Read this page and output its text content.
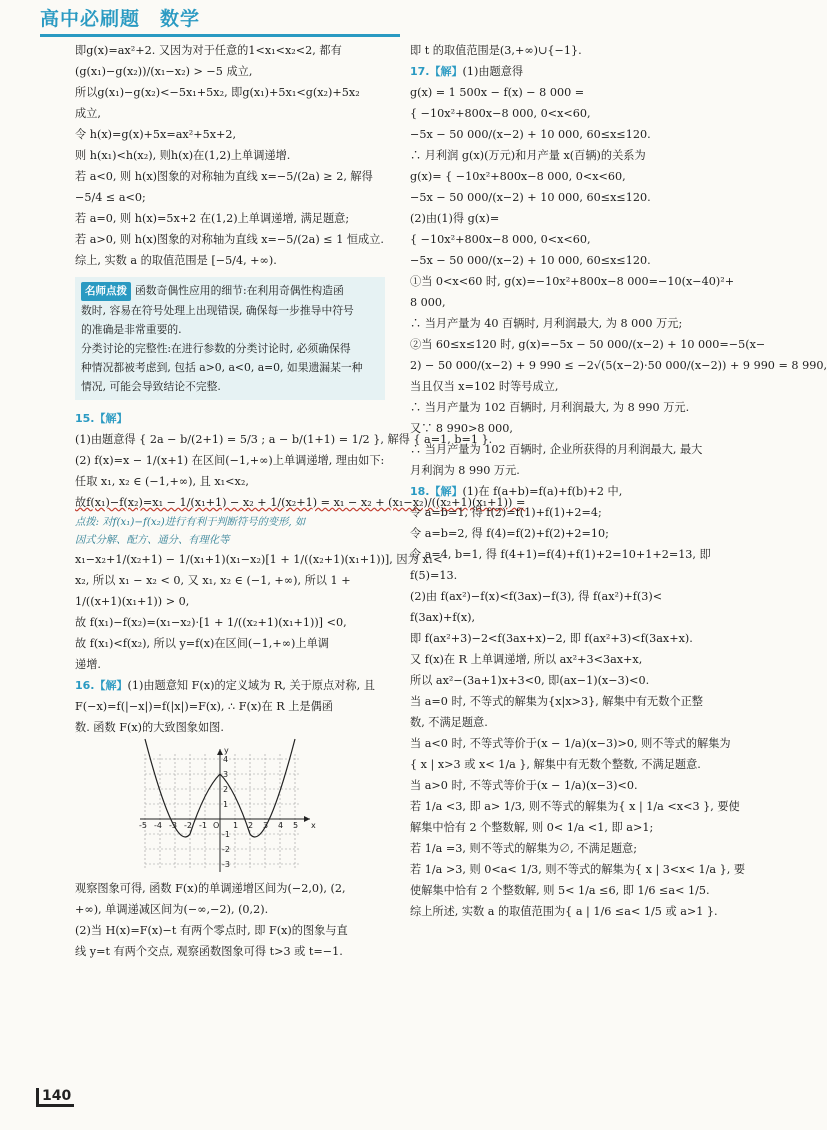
高中必刷题　数学
即g(x)=ax²+2. 又因为对于任意的1<x₁<x₂<2, 都有
(g(x₁)−g(x₂))/(x₁−x₂) > −5 成立,
所以g(x₁)−g(x₂)<−5x₁+5x₂, 即g(x₁)+5x₁<g(x₂)+5x₂
成立,
令 h(x)=g(x)+5x=ax²+5x+2,
则 h(x₁)<h(x₂), 则h(x)在(1,2)上单调递增.
若 a<0, 则 h(x)图象的对称轴为直线 x=−5/(2a) ≥ 2, 解得
−5/4 ≤ a<0;
若 a=0, 则 h(x)=5x+2 在(1,2)上单调递增, 满足题意;
若 a>0, 则 h(x)图象的对称轴为直线 x=−5/(2a) ≤ 1 恒成立.
综上, 实数 a 的取值范围是 [−5/4, +∞).
名师点拨 函数奇偶性应用的细节:在利用奇偶性构造函
数时, 容易在符号处理上出现错误, 确保每一步推导中符号
的准确是非常重要的.
分类讨论的完整性:在进行参数的分类讨论时, 必须确保得
种情况都被考虑到, 包括 a>0, a<0, a=0, 如果遗漏某一种
情况, 可能会导致结论不完整.
15.【解】
(1)由题意得 { 2a − b/(2+1) = 5/3 ; a − b/(1+1) = 1/2 }, 解得 { a=1, b=1 }.
(2) f(x)=x − 1/(x+1) 在区间(−1,+∞)上单调递增, 理由如下:
任取 x₁, x₂ ∈ (−1,+∞), 且 x₁<x₂,
故f(x₁)−f(x₂)=x₁ − 1/(x₁+1) − x₂ + 1/(x₂+1) = x₁ − x₂ + (x₁−x₂)/((x₂+1)(x₁+1)) =
点拨: 对f(x₁)−f(x₂)进行有利于判断符号的变形, 如
因式分解、配方、通分、有理化等
x₁−x₂+1/(x₂+1) − 1/(x₁+1)(x₁−x₂)[1 + 1/((x₂+1)(x₁+1))], 因为 x₁<
x₂, 所以 x₁ − x₂ < 0, 又 x₁, x₂ ∈ (−1, +∞), 所以 1 +
1/((x+1)(x₁+1)) > 0,
故 f(x₁)−f(x₂)=(x₁−x₂)·[1 + 1/((x₂+1)(x₁+1))] <0,
故 f(x₁)<f(x₂), 所以 y=f(x)在区间(−1,+∞)上单调
递增.
16.【解】(1)由题意知 F(x)的定义域为 R, 关于原点对称, 且
F(−x)=f(|−x|)=f(|x|)=F(x), ∴ F(x)在 R 上是偶函
数. 函数 F(x)的大致图象如图.
-5 -4 -3 -2 -1 O 1 2 3 4 5 x
y
4
3
2
1
-1
-2
-3
观察图象可得, 函数 F(x)的单调递增区间为(−2,0), (2,
+∞), 单调递减区间为(−∞,−2), (0,2).
(2)当 H(x)=F(x)−t 有两个零点时, 即 F(x)的图象与直
线 y=t 有两个交点, 观察函数图象可得 t>3 或 t=−1.
即 t 的取值范围是(3,+∞)∪{−1}.
17.【解】(1)由题意得
g(x) = 1 500x − f(x) − 8 000 =
{ −10x²+800x−8 000, 0<x<60,
−5x − 50 000/(x−2) + 10 000, 60≤x≤120.
∴ 月利润 g(x)(万元)和月产量 x(百辆)的关系为
g(x)= { −10x²+800x−8 000, 0<x<60,
−5x − 50 000/(x−2) + 10 000, 60≤x≤120.
(2)由(1)得 g(x)=
{ −10x²+800x−8 000, 0<x<60,
−5x − 50 000/(x−2) + 10 000, 60≤x≤120.
①当 0<x<60 时, g(x)=−10x²+800x−8 000=−10(x−40)²+
8 000,
∴ 当月产量为 40 百辆时, 月利润最大, 为 8 000 万元;
②当 60≤x≤120 时, g(x)=−5x − 50 000/(x−2) + 10 000=−5(x−
2) − 50 000/(x−2) + 9 990 ≤ −2√(5(x−2)·50 000/(x−2)) + 9 990 = 8 990,
当且仅当 x=102 时等号成立,
∴ 当月产量为 102 百辆时, 月利润最大, 为 8 990 万元.
又∵ 8 990>8 000,
∴ 当月产量为 102 百辆时, 企业所获得的月利润最大, 最大
月利润为 8 990 万元.
18.【解】(1)在 f(a+b)=f(a)+f(b)+2 中,
令 a=b=1, 得 f(2)=f(1)+f(1)+2=4;
令 a=b=2, 得 f(4)=f(2)+f(2)+2=10;
令 a=4, b=1, 得 f(4+1)=f(4)+f(1)+2=10+1+2=13, 即
f(5)=13.
(2)由 f(ax²)−f(x)<f(3ax)−f(3), 得 f(ax²)+f(3)<
f(3ax)+f(x),
即 f(ax²+3)−2<f(3ax+x)−2, 即 f(ax²+3)<f(3ax+x).
又 f(x)在 R 上单调递增, 所以 ax²+3<3ax+x,
所以 ax²−(3a+1)x+3<0, 即(ax−1)(x−3)<0.
当 a=0 时, 不等式的解集为{x|x>3}, 解集中有无数个正整
数, 不满足题意.
当 a<0 时, 不等式等价于(x − 1/a)(x−3)>0, 则不等式的解集为
{ x | x>3 或 x< 1/a }, 解集中有无数个整数, 不满足题意.
当 a>0 时, 不等式等价于(x − 1/a)(x−3)<0.
若 1/a <3, 即 a> 1/3, 则不等式的解集为{ x | 1/a <x<3 }, 要使
解集中恰有 2 个整数解, 则 0< 1/a <1, 即 a>1;
若 1/a =3, 则不等式的解集为∅, 不满足题意;
若 1/a >3, 则 0<a< 1/3, 则不等式的解集为{ x | 3<x< 1/a }, 要
使解集中恰有 2 个整数解, 则 5< 1/a ≤6, 即 1/6 ≤a< 1/5.
综上所述, 实数 a 的取值范围为{ a | 1/6 ≤a< 1/5 或 a>1 }.
140
